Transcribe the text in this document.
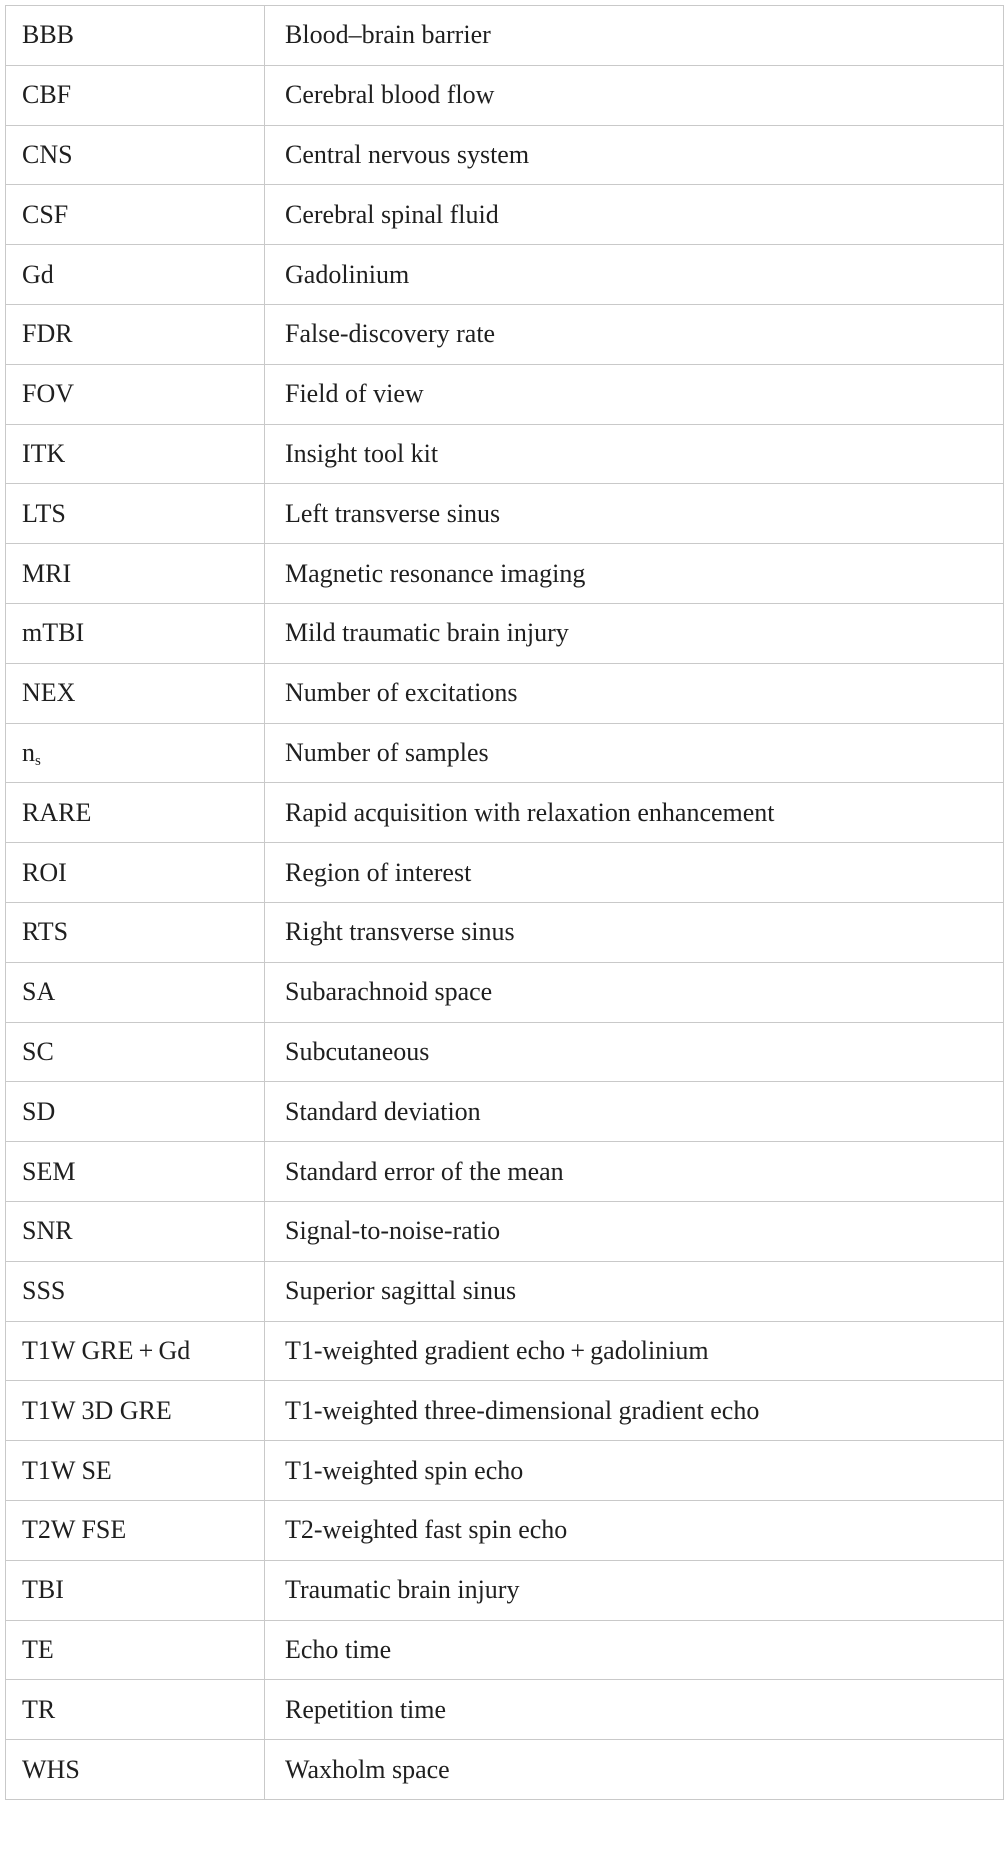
BBB	Blood–brain barrier
CBF	Cerebral blood flow
CNS	Central nervous system
CSF	Cerebral spinal fluid
Gd	Gadolinium
FDR	False-discovery rate
FOV	Field of view
ITK	Insight tool kit
LTS	Left transverse sinus
MRI	Magnetic resonance imaging
mTBI	Mild traumatic brain injury
NEX	Number of excitations
$n_s$	Number of samples
RARE	Rapid acquisition with relaxation enhancement
ROI	Region of interest
RTS	Right transverse sinus
SA	Subarachnoid space
SC	Subcutaneous
SD	Standard deviation
SEM	Standard error of the mean
SNR	Signal-to-noise-ratio
SSS	Superior sagittal sinus
T1W GRE + Gd	T1-weighted gradient echo + gadolinium
T1W 3D GRE	T1-weighted three-dimensional gradient echo
T1W SE	T1-weighted spin echo
T2W FSE	T2-weighted fast spin echo
TBI	Traumatic brain injury
TE	Echo time
TR	Repetition time
WHS	Waxholm space
